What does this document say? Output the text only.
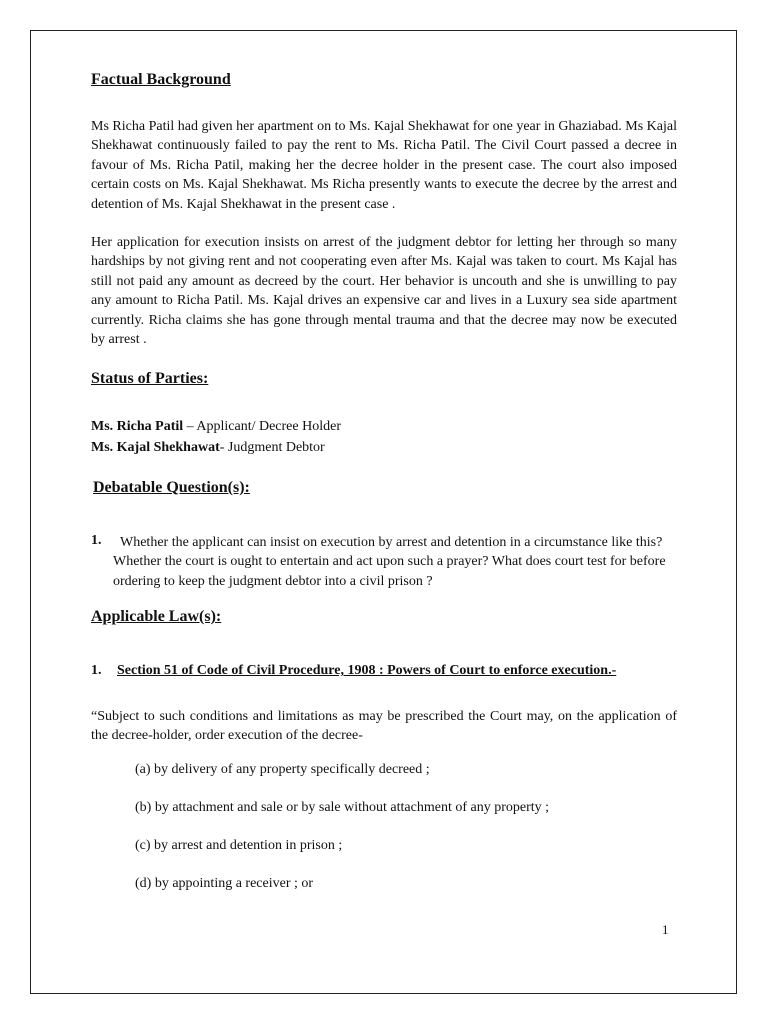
Factual Background
Ms Richa Patil had given her apartment on to Ms. Kajal Shekhawat for one year in Ghaziabad. Ms Kajal Shekhawat continuously failed to pay the rent to Ms. Richa Patil. The Civil Court passed a decree in favour of Ms. Richa Patil, making her the decree holder in the present case. The court also imposed certain costs on Ms. Kajal Shekhawat. Ms Richa presently wants to execute the decree by the arrest and detention of Ms. Kajal Shekhawat in the present case .
Her application for execution insists on arrest of the judgment debtor for letting her through so many hardships by not giving rent and not cooperating even after Ms. Kajal was taken to court. Ms Kajal has still not paid any amount as decreed by the court. Her behavior is uncouth and she is unwilling to pay any amount to Richa Patil. Ms. Kajal drives an expensive car and lives in a Luxury sea side apartment currently. Richa claims she has gone through mental trauma and that the decree may now be executed by arrest .
Status of Parties:
Ms. Richa Patil – Applicant/ Decree Holder
Ms. Kajal Shekhawat- Judgment Debtor
Debatable Question(s):
1. Whether the applicant can insist on execution by arrest and detention in a circumstance like this?
Whether the court is ought to entertain and act upon such a prayer? What does court test for before
ordering to keep the judgment debtor into a civil prison ?
Applicable Law(s):
1. Section 51 of Code of Civil Procedure, 1908 : Powers of Court to enforce execution.-
“Subject to such conditions and limitations as may be prescribed the Court may, on the application of the decree-holder, order execution of the decree-
(a) by delivery of any property specifically decreed ;
(b) by attachment and sale or by sale without attachment of any property ;
(c) by arrest and detention in prison ;
(d) by appointing a receiver ; or
1
